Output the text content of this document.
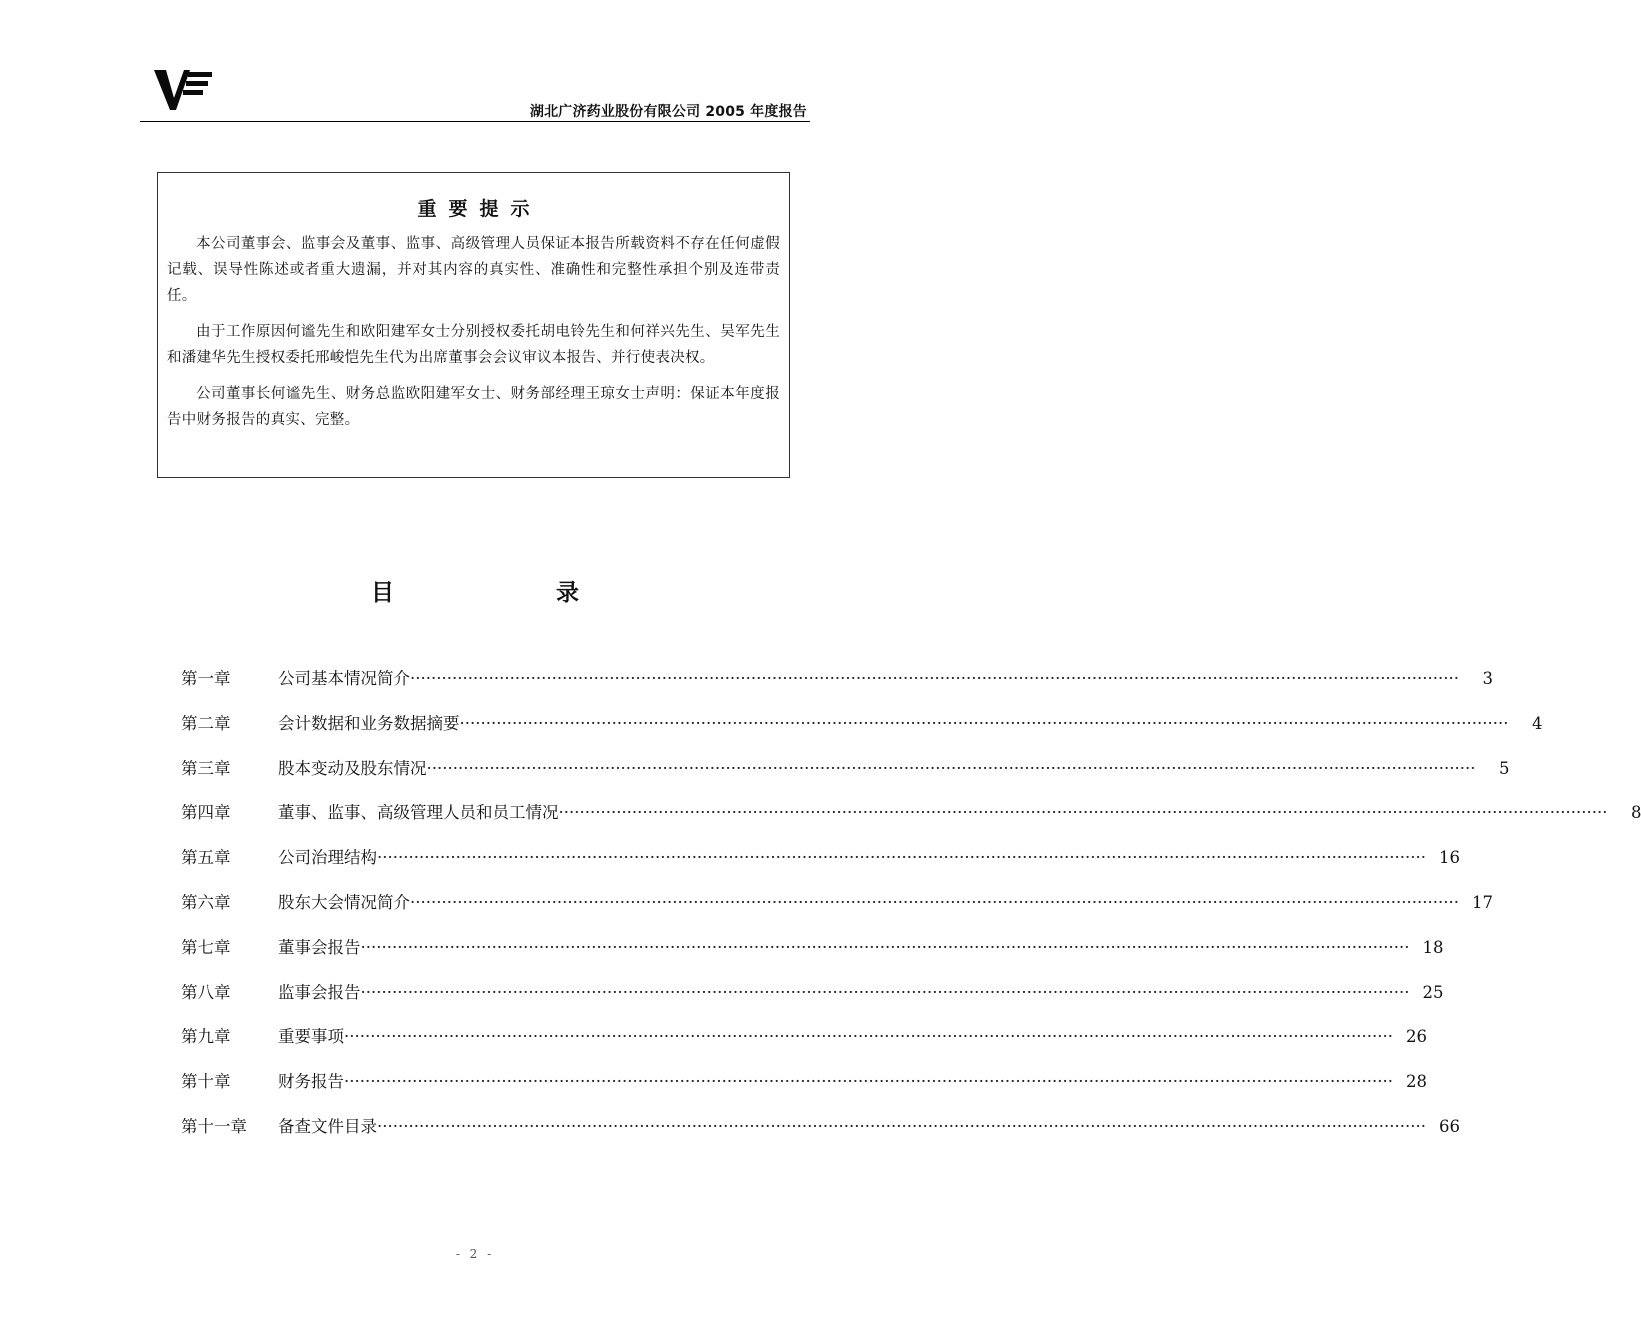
湖北广济药业股份有限公司 2005 年度报告
重要提示

本公司董事会、监事会及董事、监事、高级管理人员保证本报告所载资料不存在任何虚假记载、误导性陈述或者重大遗漏，并对其内容的真实性、准确性和完整性承担个别及连带责任。

由于工作原因何谧先生和欧阳建军女士分别授权委托胡电铃先生和何祥兴先生、吴军先生和潘建华先生授权委托邢峻恺先生代为出席董事会会议审议本报告、并行使表决权。

公司董事长何谧先生、财务总监欧阳建军女士、财务部经理王琼女士声明：保证本年度报告中财务报告的真实、完整。

目	录
第一章	公司基本情况简介 ········································································································································································································	3
第二章	会计数据和业务数据摘要 ········································································································································································································	4
第三章	股本变动及股东情况 ········································································································································································································	5
第四章	董事、监事、高级管理人员和员工情况 ········································································································································································································	8
第五章	公司治理结构 ········································································································································································································ 16
第六章	股东大会情况简介 ········································································································································································································ 17
第七章	董事会报告 ········································································································································································································ 18
第八章	监事会报告 ········································································································································································································ 25
第九章	重要事项 ········································································································································································································ 26
第十章	财务报告 ········································································································································································································ 28
第十一章	备查文件目录 ········································································································································································································ 66
- 2 -
